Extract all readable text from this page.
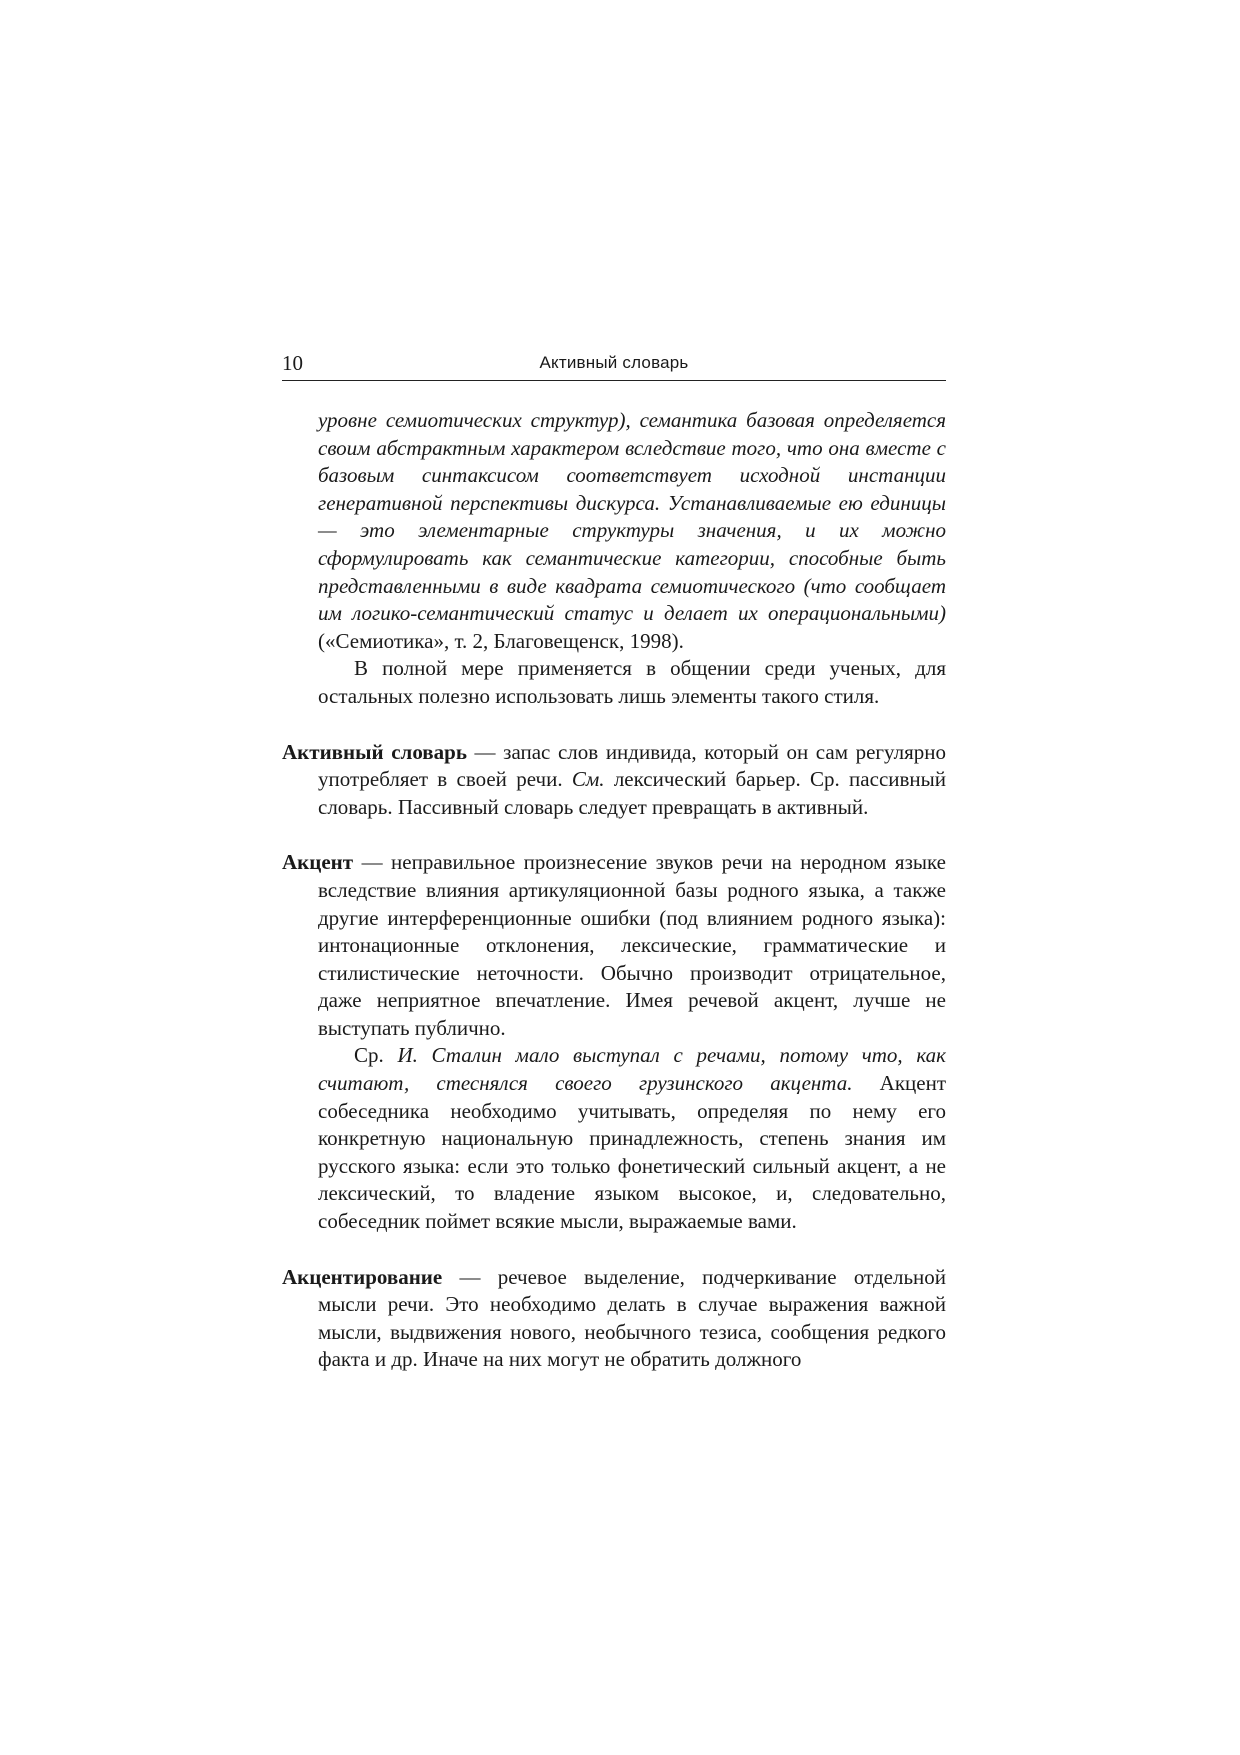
10	Активный словарь

уровне семиотических структур), семантика базовая определяется своим абстрактным характером вследствие того, что она вместе с базовым синтаксисом соответствует исходной инстанции генеративной перспективы дискурса. Устанавливаемые ею единицы — это элементарные структуры значения, и их можно сформулировать как семантические категории, способные быть представленными в виде квадрата семиотического (что сообщает им логико-семантический статус и делает их операциональными) («Семиотика», т. 2, Благовещенск, 1998).

В полной мере применяется в общении среди ученых, для остальных полезно использовать лишь элементы такого стиля.

Активный словарь — запас слов индивида, который он сам регулярно употребляет в своей речи. См. лексический барьер. Ср. пассивный словарь. Пассивный словарь следует превращать в активный.

Акцент — неправильное произнесение звуков речи на неродном языке вследствие влияния артикуляционной базы родного языка, а также другие интерференционные ошибки (под влиянием родного языка): интонационные отклонения, лексические, грамматические и стилистические неточности. Обычно производит отрицательное, даже неприятное впечатление. Имея речевой акцент, лучше не выступать публично.

Ср. И. Сталин мало выступал с речами, потому что, как считают, стеснялся своего грузинского акцента. Акцент собеседника необходимо учитывать, определяя по нему его конкретную национальную принадлежность, степень знания им русского языка: если это только фонетический сильный акцент, а не лексический, то владение языком высокое, и, следовательно, собеседник поймет всякие мысли, выражаемые вами.

Акцентирование — речевое выделение, подчеркивание отдельной мысли речи. Это необходимо делать в случае выражения важной мысли, выдвижения нового, необычного тезиса, сообщения редкого факта и др. Иначе на них могут не обратить должного
